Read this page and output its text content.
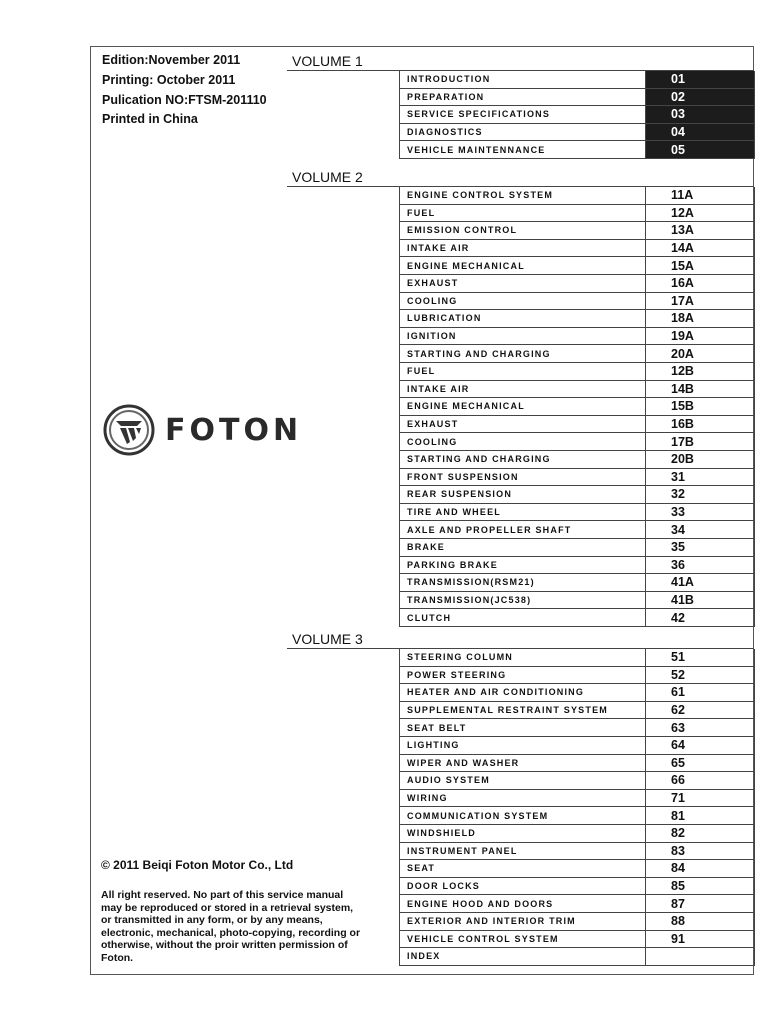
Edition:November 2011
Printing: October 2011
Pulication NO:FTSM-201110
Printed in China
FOTON
© 2011 Beiqi Foton Motor Co., Ltd
All right reserved. No part of this service manual may be reproduced or stored in a retrieval system, or transmitted in any form, or by any means, electronic, mechanical, photo-copying, recording or otherwise, without the proir written permission of Foton.
VOLUME 1
VOLUME 2
VOLUME 3
INTRODUCTION	01
PREPARATION	02
SERVICE SPECIFICATIONS	03
DIAGNOSTICS	04
VEHICLE MAINTENNANCE	05
ENGINE CONTROL SYSTEM	11A
FUEL	12A
EMISSION CONTROL	13A
INTAKE AIR	14A
ENGINE MECHANICAL	15A
EXHAUST	16A
COOLING	17A
LUBRICATION	18A
IGNITION	19A
STARTING AND CHARGING	20A
FUEL	12B
INTAKE AIR	14B
ENGINE MECHANICAL	15B
EXHAUST	16B
COOLING	17B
STARTING AND CHARGING	20B
FRONT SUSPENSION	31
REAR SUSPENSION	32
TIRE AND WHEEL	33
AXLE AND PROPELLER SHAFT	34
BRAKE	35
PARKING BRAKE	36
TRANSMISSION(RSM21)	41A
TRANSMISSION(JC538)	41B
CLUTCH	42
STEERING COLUMN	51
POWER STEERING	52
HEATER AND AIR CONDITIONING	61
SUPPLEMENTAL RESTRAINT SYSTEM	62
SEAT BELT	63
LIGHTING	64
WIPER AND WASHER	65
AUDIO SYSTEM	66
WIRING	71
COMMUNICATION SYSTEM	81
WINDSHIELD	82
INSTRUMENT PANEL	83
SEAT	84
DOOR LOCKS	85
ENGINE HOOD AND DOORS	87
EXTERIOR AND INTERIOR TRIM	88
VEHICLE CONTROL SYSTEM	91
INDEX
